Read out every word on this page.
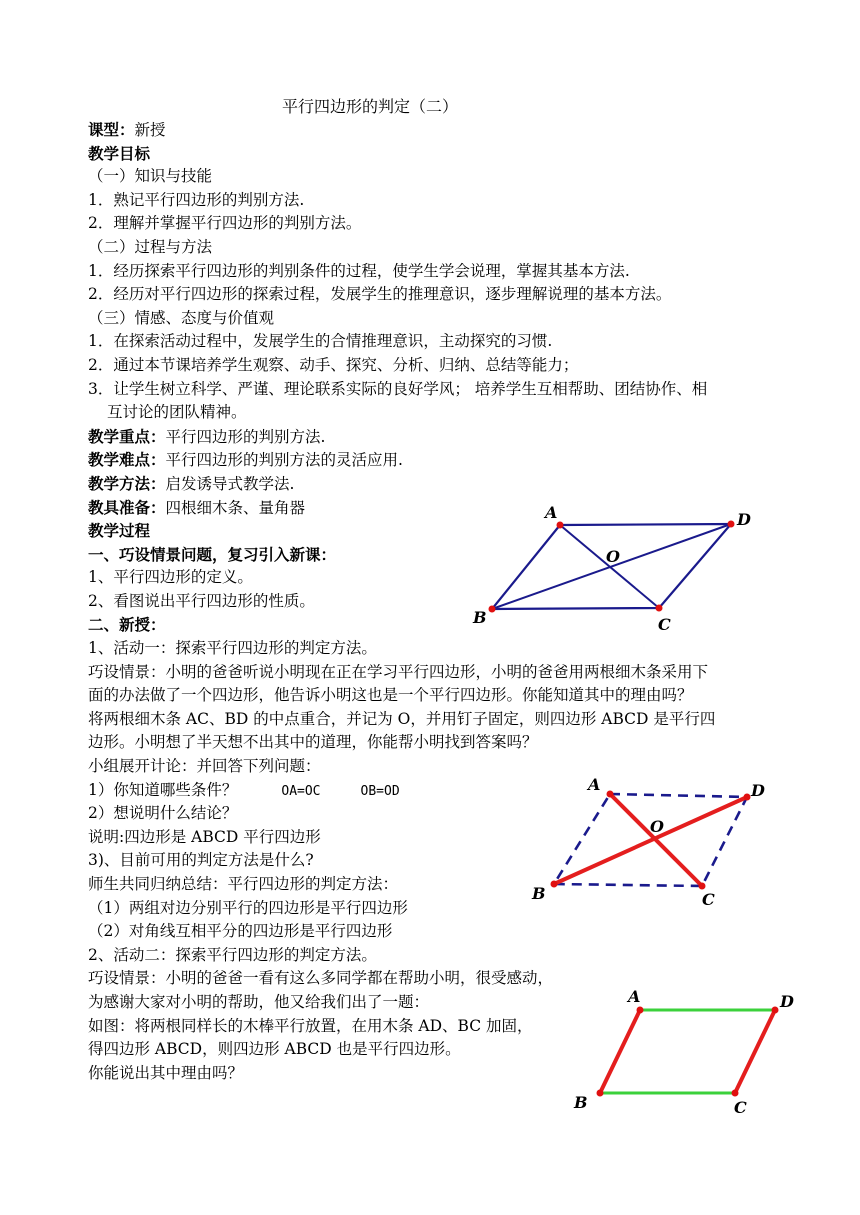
平行四边形的判定（二）
课型：新授
教学目标
（一）知识与技能
1．熟记平行四边形的判别方法.
2．理解并掌握平行四边形的判别方法。
（二）过程与方法
1．经历探索平行四边形的判别条件的过程，使学生学会说理，掌握其基本方法.
2．经历对平行四边形的探索过程，发展学生的推理意识，逐步理解说理的基本方法。
（三）情感、态度与价值观
1．在探索活动过程中，发展学生的合情推理意识，主动探究的习惯.
2．通过本节课培养学生观察、动手、探究、分析、归纳、总结等能力；
3．让学生树立科学、严谨、理论联系实际的良好学风； 培养学生互相帮助、团结协作、相
互讨论的团队精神。
教学重点：平行四边形的判别方法.
教学难点：平行四边形的判别方法的灵活应用.
教学方法：启发诱导式教学法.
教具准备：四根细木条、量角器
教学过程
一、巧设情景问题，复习引入新课：
1、平行四边形的定义。
2、看图说出平行四边形的性质。
二、新授：
1、活动一：探索平行四边形的判定方法。
巧设情景：小明的爸爸听说小明现在正在学习平行四边形，小明的爸爸用两根细木条采用下
面的办法做了一个四边形，他告诉小明这也是一个平行四边形。你能知道其中的理由吗？
将两根细木条 AC、BD 的中点重合，并记为 O，并用钉子固定，则四边形 ABCD 是平行四
边形。小明想了半天想不出其中的道理，你能帮小明找到答案吗？
小组展开计论：并回答下列问题：
1）你知道哪些条件？	OA=OC	OB=OD
2）想说明什么结论？
说明:四边形是 ABCD 平行四边形
3)、目前可用的判定方法是什么?
师生共同归纳总结：平行四边形的判定方法：
（1）两组对边分别平行的四边形是平行四边形
（2）对角线互相平分的四边形是平行四边形
2、活动二：探索平行四边形的判定方法。
巧设情景：小明的爸爸一看有这么多同学都在帮助小明，很受感动，
为感谢大家对小明的帮助，他又给我们出了一题：
如图：将两根同样长的木棒平行放置，在用木条 AD、BC 加固，
得四边形 ABCD，则四边形 ABCD 也是平行四边形。
你能说出其中理由吗？
A	D
C
B
O
A	D
C
B
O
A	D
C
B
